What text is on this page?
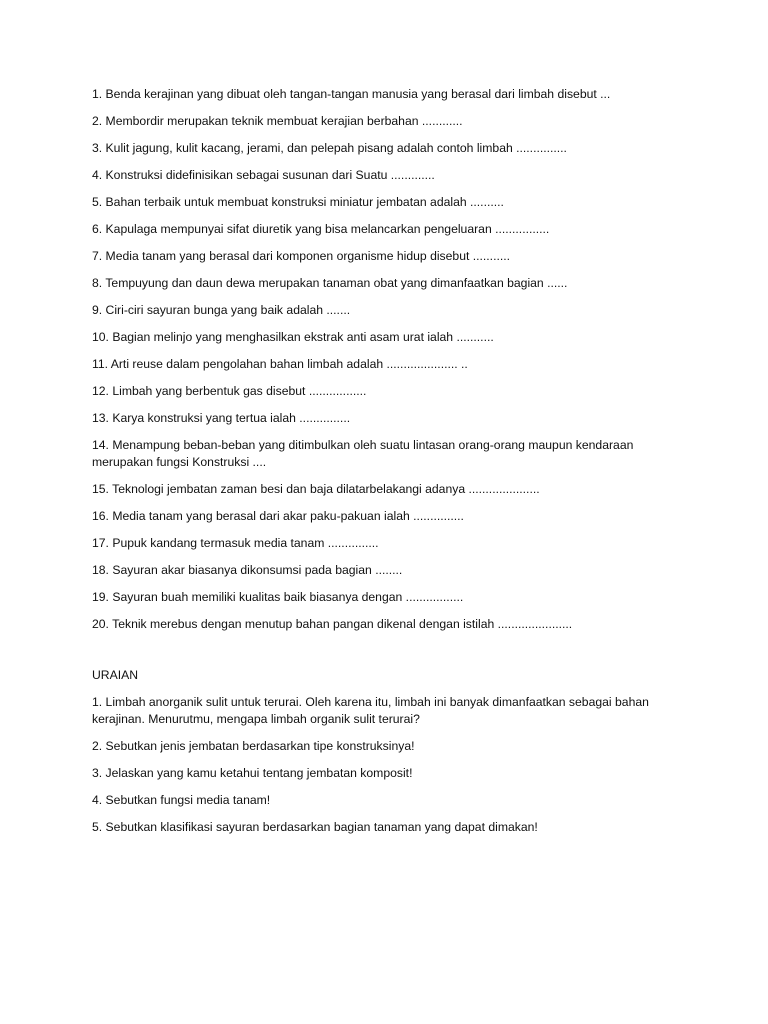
1. Benda kerajinan yang dibuat oleh tangan-tangan manusia yang berasal dari limbah disebut ...

2. Membordir merupakan teknik membuat kerajian berbahan ............

3. Kulit jagung, kulit kacang, jerami, dan pelepah pisang adalah contoh limbah ...............

4. Konstruksi didefinisikan sebagai susunan dari Suatu .............

5. Bahan terbaik untuk membuat konstruksi miniatur jembatan adalah ..........

6. Kapulaga mempunyai sifat diuretik yang bisa melancarkan pengeluaran ................

7. Media tanam yang berasal dari komponen organisme hidup disebut ...........

8. Tempuyung dan daun dewa merupakan tanaman obat yang dimanfaatkan bagian ......

9. Ciri-ciri sayuran bunga yang baik adalah .......

10. Bagian melinjo yang menghasilkan ekstrak anti asam urat ialah ...........

11. Arti reuse dalam pengolahan bahan limbah adalah ..................... ..

12. Limbah yang berbentuk gas disebut .................

13. Karya konstruksi yang tertua ialah ...............

14. Menampung beban-beban yang ditimbulkan oleh suatu lintasan orang-orang maupun kendaraan merupakan fungsi Konstruksi ....

15. Teknologi jembatan zaman besi dan baja dilatarbelakangi adanya .....................

16. Media tanam yang berasal dari akar paku-pakuan ialah ...............

17. Pupuk kandang termasuk media tanam ...............

18. Sayuran akar biasanya dikonsumsi pada bagian ........

19. Sayuran buah memiliki kualitas baik biasanya dengan .................

20. Teknik merebus dengan menutup bahan pangan dikenal dengan istilah ......................

URAIAN

1. Limbah anorganik sulit untuk terurai. Oleh karena itu, limbah ini banyak dimanfaatkan sebagai bahan kerajinan. Menurutmu, mengapa limbah organik sulit terurai?

2. Sebutkan jenis jembatan berdasarkan tipe konstruksinya!

3. Jelaskan yang kamu ketahui tentang jembatan komposit!

4. Sebutkan fungsi media tanam!

5. Sebutkan klasifikasi sayuran berdasarkan bagian tanaman yang dapat dimakan!
